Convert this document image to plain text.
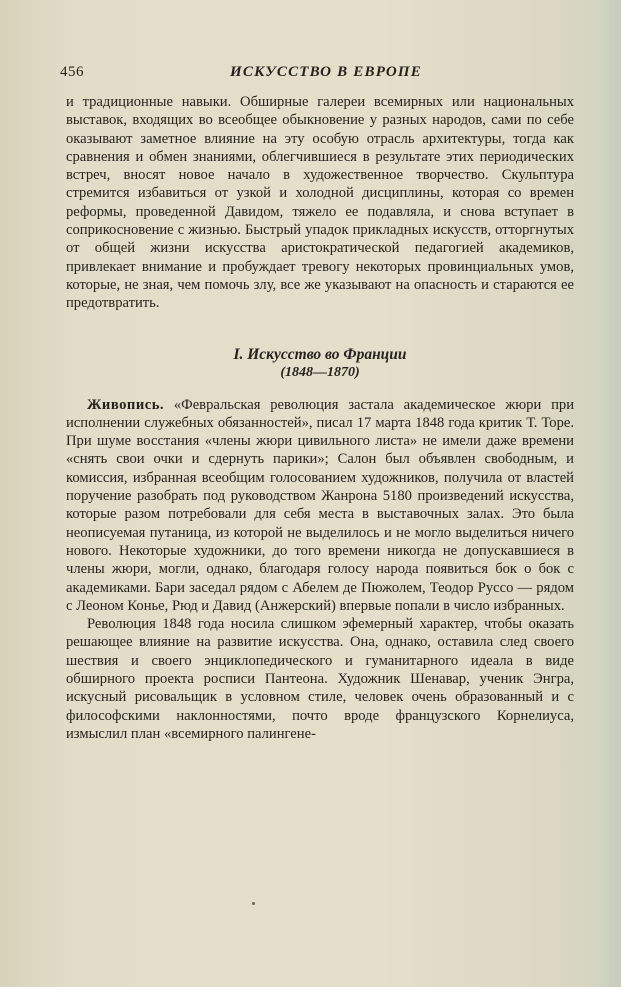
456	ИСКУССТВО В ЕВРОПЕ

и традиционные навыки. Обширные галереи всемирных или национальных выставок, входящих во всеобщее обыкновение у разных народов, сами по себе оказывают заметное влияние на эту особую отрасль архитектуры, тогда как сравнения и обмен знаниями, облегчившиеся в результате этих периодических встреч, вносят новое начало в художественное творчество. Скульптура стремится избавиться от узкой и холодной дисциплины, которая со времен реформы, проведенной Давидом, тяжело ее подавляла, и снова вступает в соприкосновение с жизнью. Быстрый упадок прикладных искусств, отторгнутых от общей жизни искусства аристократической педагогией академиков, привлекает внимание и пробуждает тревогу некоторых провинциальных умов, которые, не зная, чем помочь злу, все же указывают на опасность и стараются ее предотвратить.

I. Искусство во Франции
(1848—1870)

Живопись. «Февральская революция застала академическое жюри при исполнении служебных обязанностей», писал 17 марта 1848 года критик Т. Торе. При шуме восстания «члены жюри цивильного листа» не имели даже времени «снять свои очки и сдернуть парики»; Салон был объявлен свободным, и комиссия, избранная всеобщим голосованием художников, получила от властей поручение разобрать под руководством Жанрона 5180 произведений искусства, которые разом потребовали для себя места в выставочных залах. Это была неописуемая путаница, из которой не выделилось и не могло выделиться ничего нового. Некоторые художники, до того времени никогда не допускавшиеся в члены жюри, могли, однако, благодаря голосу народа появиться бок о бок с академиками. Бари заседал рядом с Абелем де Пюжолем, Теодор Руссо — рядом с Леоном Конье, Рюд и Давид (Анжерский) впервые попали в число избранных.

Революция 1848 года носила слишком эфемерный характер, чтобы оказать решающее влияние на развитие искусства. Она, однако, оставила след своего шествия и своего энциклопедического и гуманитарного идеала в виде обширного проекта росписи Пантеона. Художник Шенавар, ученик Энгра, искусный рисовальщик в условном стиле, человек очень образованный и с философскими наклонностями, почто вроде французского Корнелиуса, измыслил план «всемирного палингене-
